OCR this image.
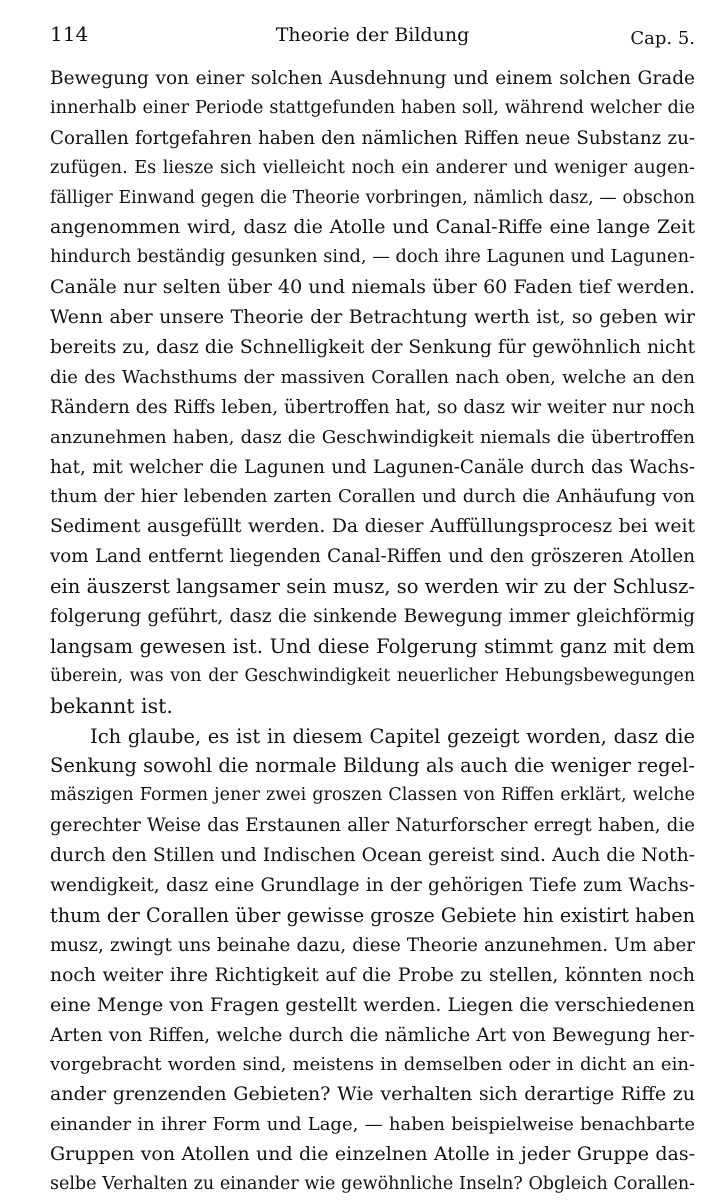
114	Theorie der Bildung	Cap. 5.
Bewegung von einer solchen Ausdehnung und einem solchen Grade
innerhalb einer Periode stattgefunden haben soll, während welcher die
Corallen fortgefahren haben den nämlichen Riffen neue Substanz zu-
zufügen. Es liesze sich vielleicht noch ein anderer und weniger augen-
fälliger Einwand gegen die Theorie vorbringen, nämlich dasz, — obschon
angenommen wird, dasz die Atolle und Canal-Riffe eine lange Zeit
hindurch beständig gesunken sind, — doch ihre Lagunen und Lagunen-
Canäle nur selten über 40 und niemals über 60 Faden tief werden.
Wenn aber unsere Theorie der Betrachtung werth ist, so geben wir
bereits zu, dasz die Schnelligkeit der Senkung für gewöhnlich nicht
die des Wachsthums der massiven Corallen nach oben, welche an den
Rändern des Riffs leben, übertroffen hat, so dasz wir weiter nur noch
anzunehmen haben, dasz die Geschwindigkeit niemals die übertroffen
hat, mit welcher die Lagunen und Lagunen-Canäle durch das Wachs-
thum der hier lebenden zarten Corallen und durch die Anhäufung von
Sediment ausgefüllt werden. Da dieser Auffüllungsprocesz bei weit
vom Land entfernt liegenden Canal-Riffen und den gröszeren Atollen
ein äuszerst langsamer sein musz, so werden wir zu der Schlusz-
folgerung geführt, dasz die sinkende Bewegung immer gleichförmig
langsam gewesen ist. Und diese Folgerung stimmt ganz mit dem
überein, was von der Geschwindigkeit neuerlicher Hebungsbewegungen
bekannt ist.
Ich glaube, es ist in diesem Capitel gezeigt worden, dasz die
Senkung sowohl die normale Bildung als auch die weniger regel-
mäszigen Formen jener zwei groszen Classen von Riffen erklärt, welche
gerechter Weise das Erstaunen aller Naturforscher erregt haben, die
durch den Stillen und Indischen Ocean gereist sind. Auch die Noth-
wendigkeit, dasz eine Grundlage in der gehörigen Tiefe zum Wachs-
thum der Corallen über gewisse grosze Gebiete hin existirt haben
musz, zwingt uns beinahe dazu, diese Theorie anzunehmen. Um aber
noch weiter ihre Richtigkeit auf die Probe zu stellen, könnten noch
eine Menge von Fragen gestellt werden. Liegen die verschiedenen
Arten von Riffen, welche durch die nämliche Art von Bewegung her-
vorgebracht worden sind, meistens in demselben oder in dicht an ein-
ander grenzenden Gebieten? Wie verhalten sich derartige Riffe zu
einander in ihrer Form und Lage, — haben beispielweise benachbarte
Gruppen von Atollen und die einzelnen Atolle in jeder Gruppe das-
selbe Verhalten zu einander wie gewöhnliche Inseln? Obgleich Corallen-
